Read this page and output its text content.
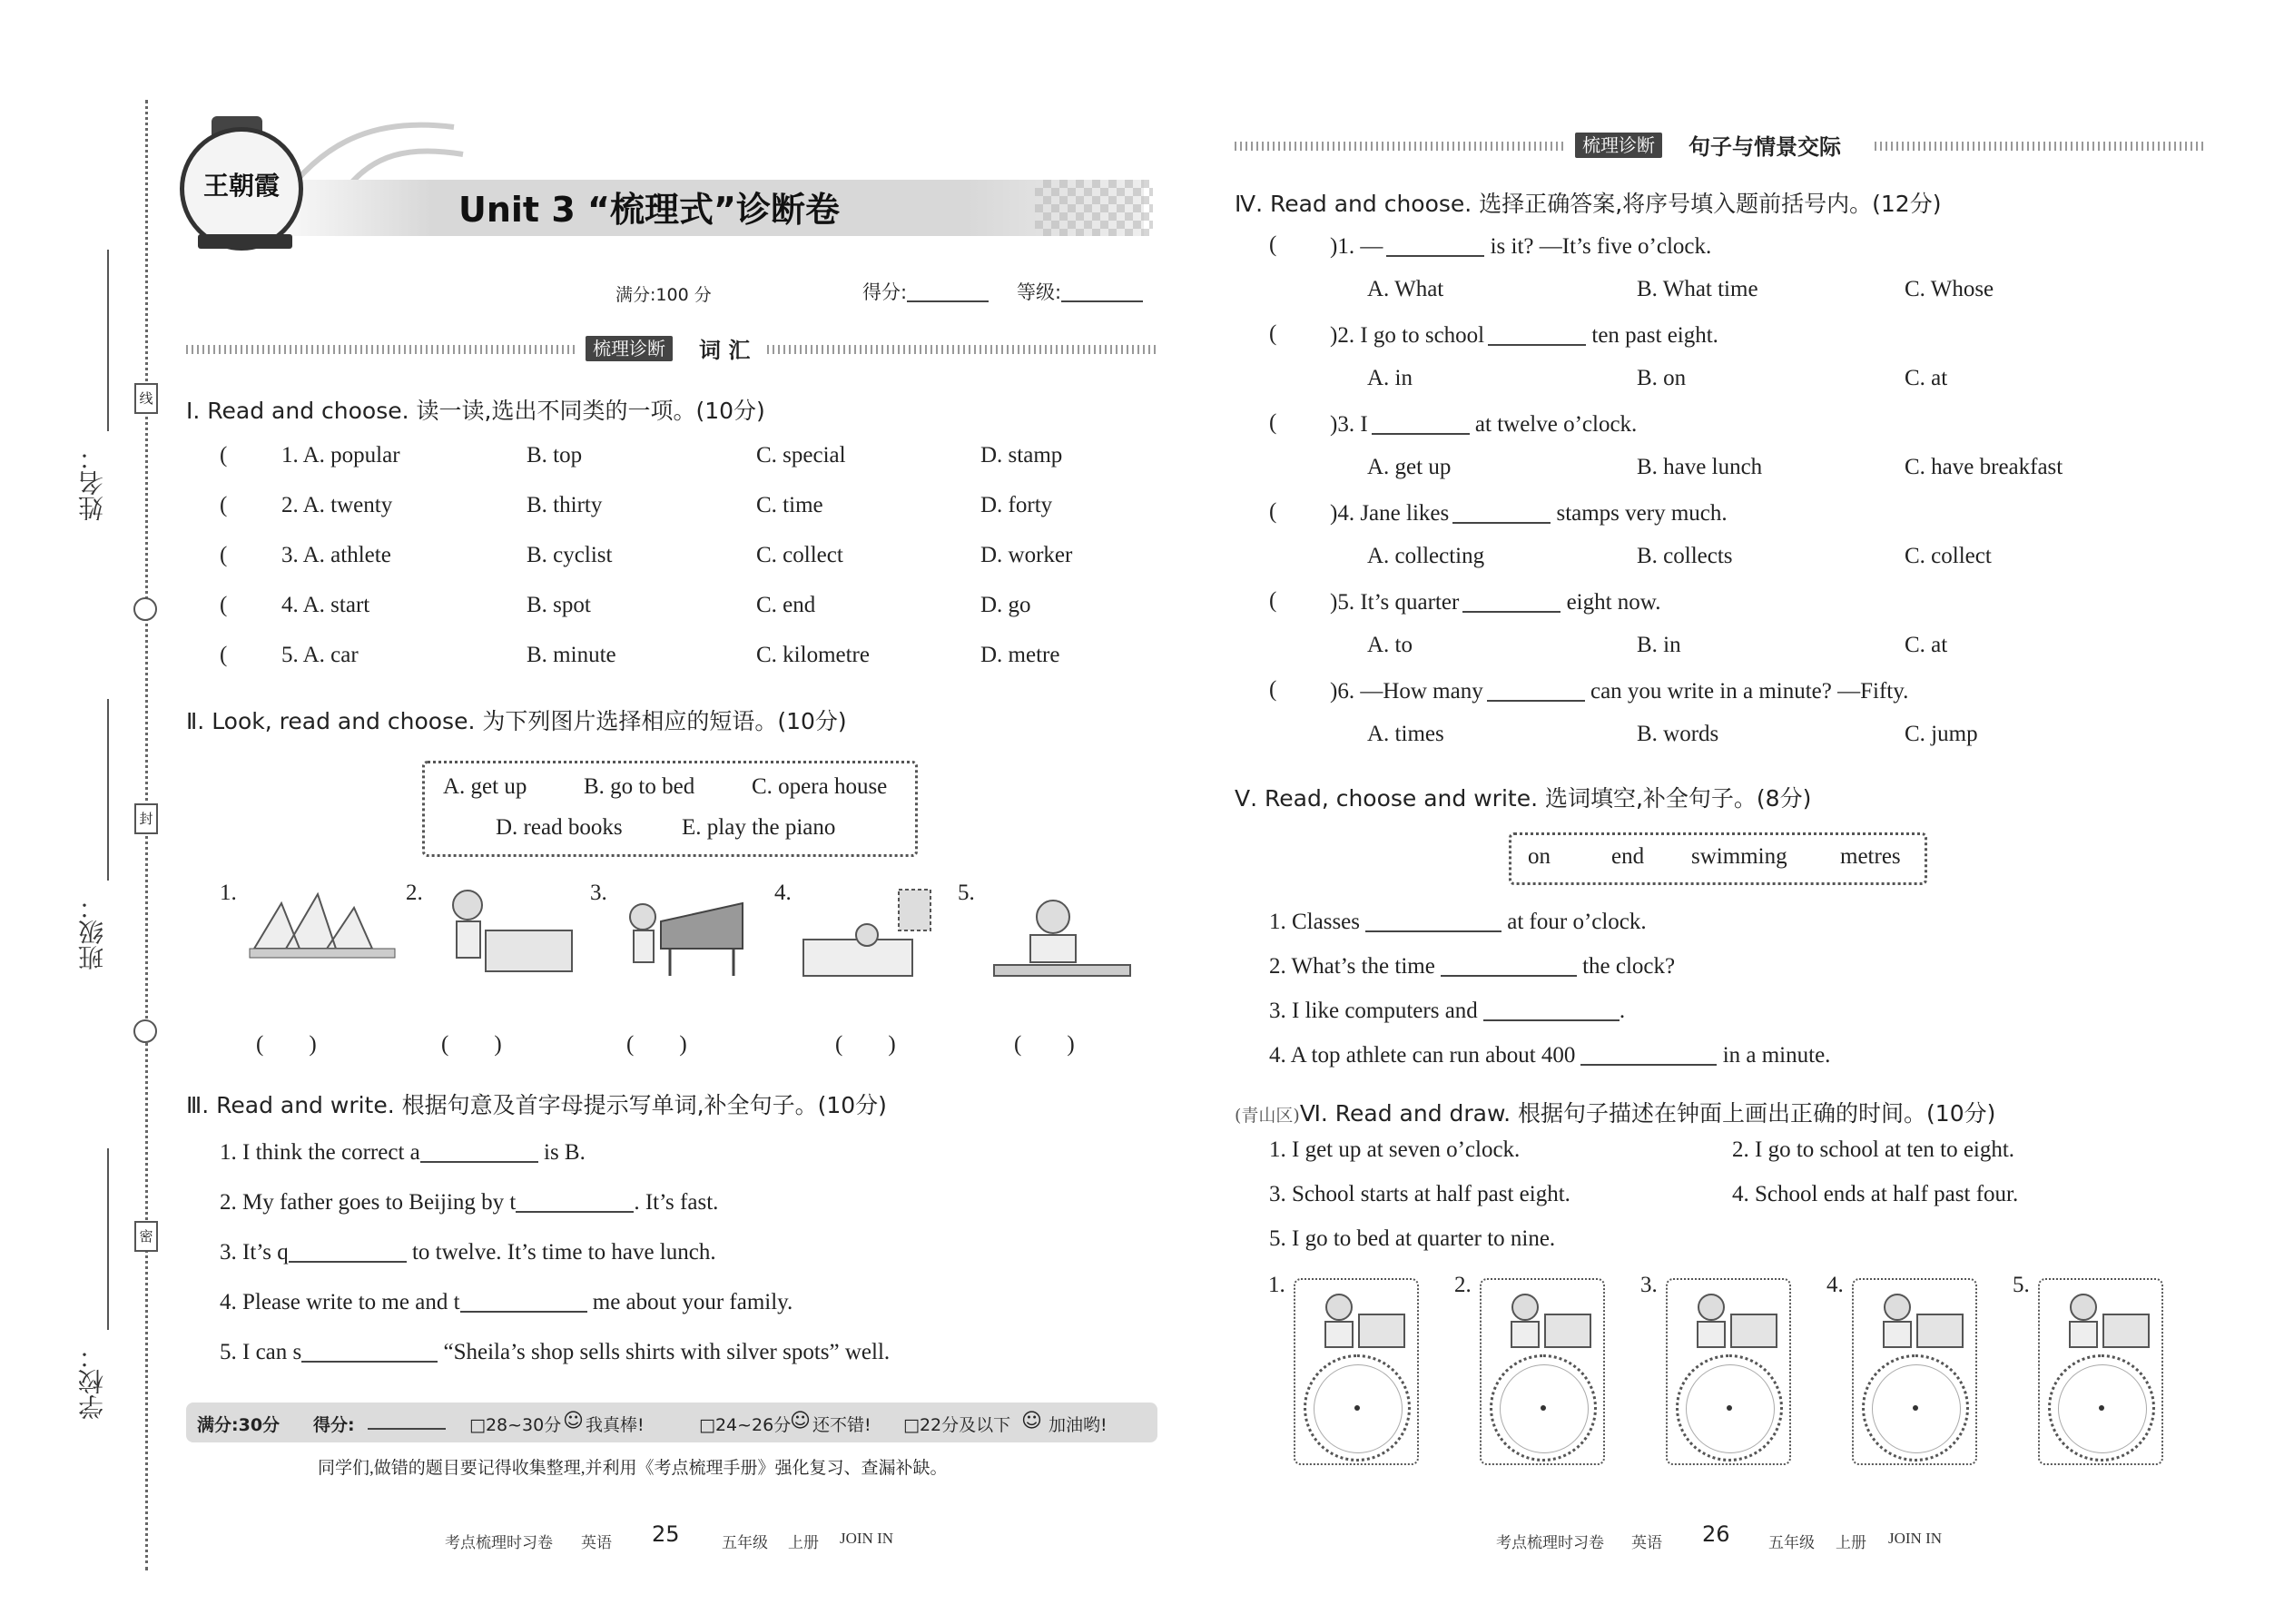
姓名：
班级：
学校：
线
封
密
王朝霞
Unit 3 “梳理式”诊断卷
满分:100 分	得分:	等级:
梳理诊断	词 汇
Ⅰ. Read and choose. 读一读,选出不同类的一项。(10分)
( 1. A. popular	B. top	C. special	D. stamp
( 2. A. twenty	B. thirty	C. time	D. forty
( 3. A. athlete	B. cyclist	C. collect	D. worker
( 4. A. start	B. spot	C. end	D. go
( 5. A. car	B. minute	C. kilometre	D. metre
Ⅱ. Look, read and choose. 为下列图片选择相应的短语。(10分)
A. get up	B. go to bed	C. opera house
D. read books	E. play the piano
1.	2.	3.	4.	5.
(　　)	(　　)	(　　)	(　　)	(　　)
Ⅲ. Read and write. 根据句意及首字母提示写单词,补全句子。(10分)
1. I think the correct a	is B.
2. My father goes to Beijing by t	. It’s fast.
3. It’s q	to twelve. It’s time to have lunch.
4. Please write to me and t	me about your family.
5. I can s	“Sheila’s shop sells shirts with silver spots” well.
满分:30分 得分:	□28~30分 ☺ 我真棒!	□24~26分
☺ 还不错! □22分及以下 ☺ 加油哟!
同学们,做错的题目要记得收集整理,并利用《考点梳理手册》强化复习、查漏补缺。
考点梳理时习卷 英语 25	五年级 上册 JOIN IN
梳理诊断	句子与情景交际
Ⅳ. Read and choose. 选择正确答案,将序号填入题前括号内。(12分)
( )1. —	is it? —It’s five o’clock.
A. What	B. What time	C. Whose
( )2. I go to school	ten past eight.
A. in	B. on	C. at
( )3. I	at twelve o’clock.
A. get up	B. have lunch	C. have breakfast
( )4. Jane likes	stamps very much.
A. collecting	B. collects	C. collect
( )5. It’s quarter	eight now.
A. to	B. in	C. at
( )6. —How many	can you write in a minute? —Fifty.
A. times	B. words	C. jump
Ⅴ. Read, choose and write. 选词填空,补全句子。(8分)
on	end swimming metres
1. Classes	at four o’clock.
2. What’s the time	the clock?
3. I like computers and	.
4. A top athlete can run about 400	in a minute.
(青山区)Ⅵ. Read and draw. 根据句子描述在钟面上画出正确的时间。(10分)
1. I get up at seven o’clock.	2. I go to school at ten to eight.
3. School starts at half past eight.	4. School ends at half past four.
5. I go to bed at quarter to nine.
1.	2.	3.	4.	5.
考点梳理时习卷 英语 26 五年级 上册 JOIN IN
